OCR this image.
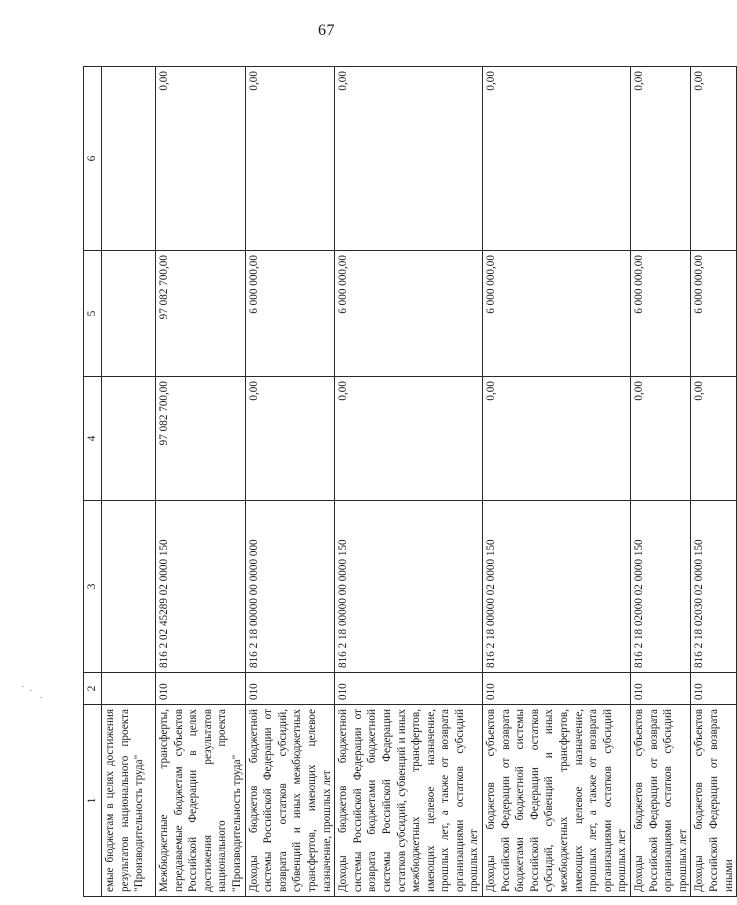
67
1	2	3	4	5	6
емые бюджетам в целях достижения результатов национального проекта "Производительность труда"					
Межбюджетные трансферты, передаваемые бюджетам субъектов Российской Федерации в целях достижения результатов национального проекта "Производительность труда"	010	816 2 02 45289 02 0000 150	97 082 700,00	97 082 700,00	0,00
Доходы бюджетов бюджетной системы Российской Федерации от возврата остатков субсидий, субвенций и иных межбюджетных трансфертов, имеющих целевое назначение, прошлых лет	010	816 2 18 00000 00 0000 000	0,00	6 000 000,00	0,00
Доходы бюджетов бюджетной системы Российской Федерации от возврата бюджетами бюджетной системы Российской Федерации остатков субсидий, субвенций и иных межбюджетных трансфертов, имеющих целевое назначение, прошлых лет, а также от возврата организациями остатков субсидий прошлых лет	010	816 2 18 00000 00 0000 150	0,00	6 000 000,00	0,00
Доходы бюджетов субъектов Российской Федерации от возврата бюджетами бюджетной системы Российской Федерации остатков субсидий, субвенций и иных межбюджетных трансфертов, имеющих целевое назначение, прошлых лет, а также от возврата организациями остатков субсидий прошлых лет	010	816 2 18 00000 02 0000 150	0,00	6 000 000,00	0,00
Доходы бюджетов субъектов Российской Федерации от возврата организациями остатков субсидий прошлых лет	010	816 2 18 02000 02 0000 150	0,00	6 000 000,00	0,00
Доходы бюджетов субъектов Российской Федерации от возврата иными	010	816 2 18 02030 02 0000 150	0,00	6 000 000,00	0,00
